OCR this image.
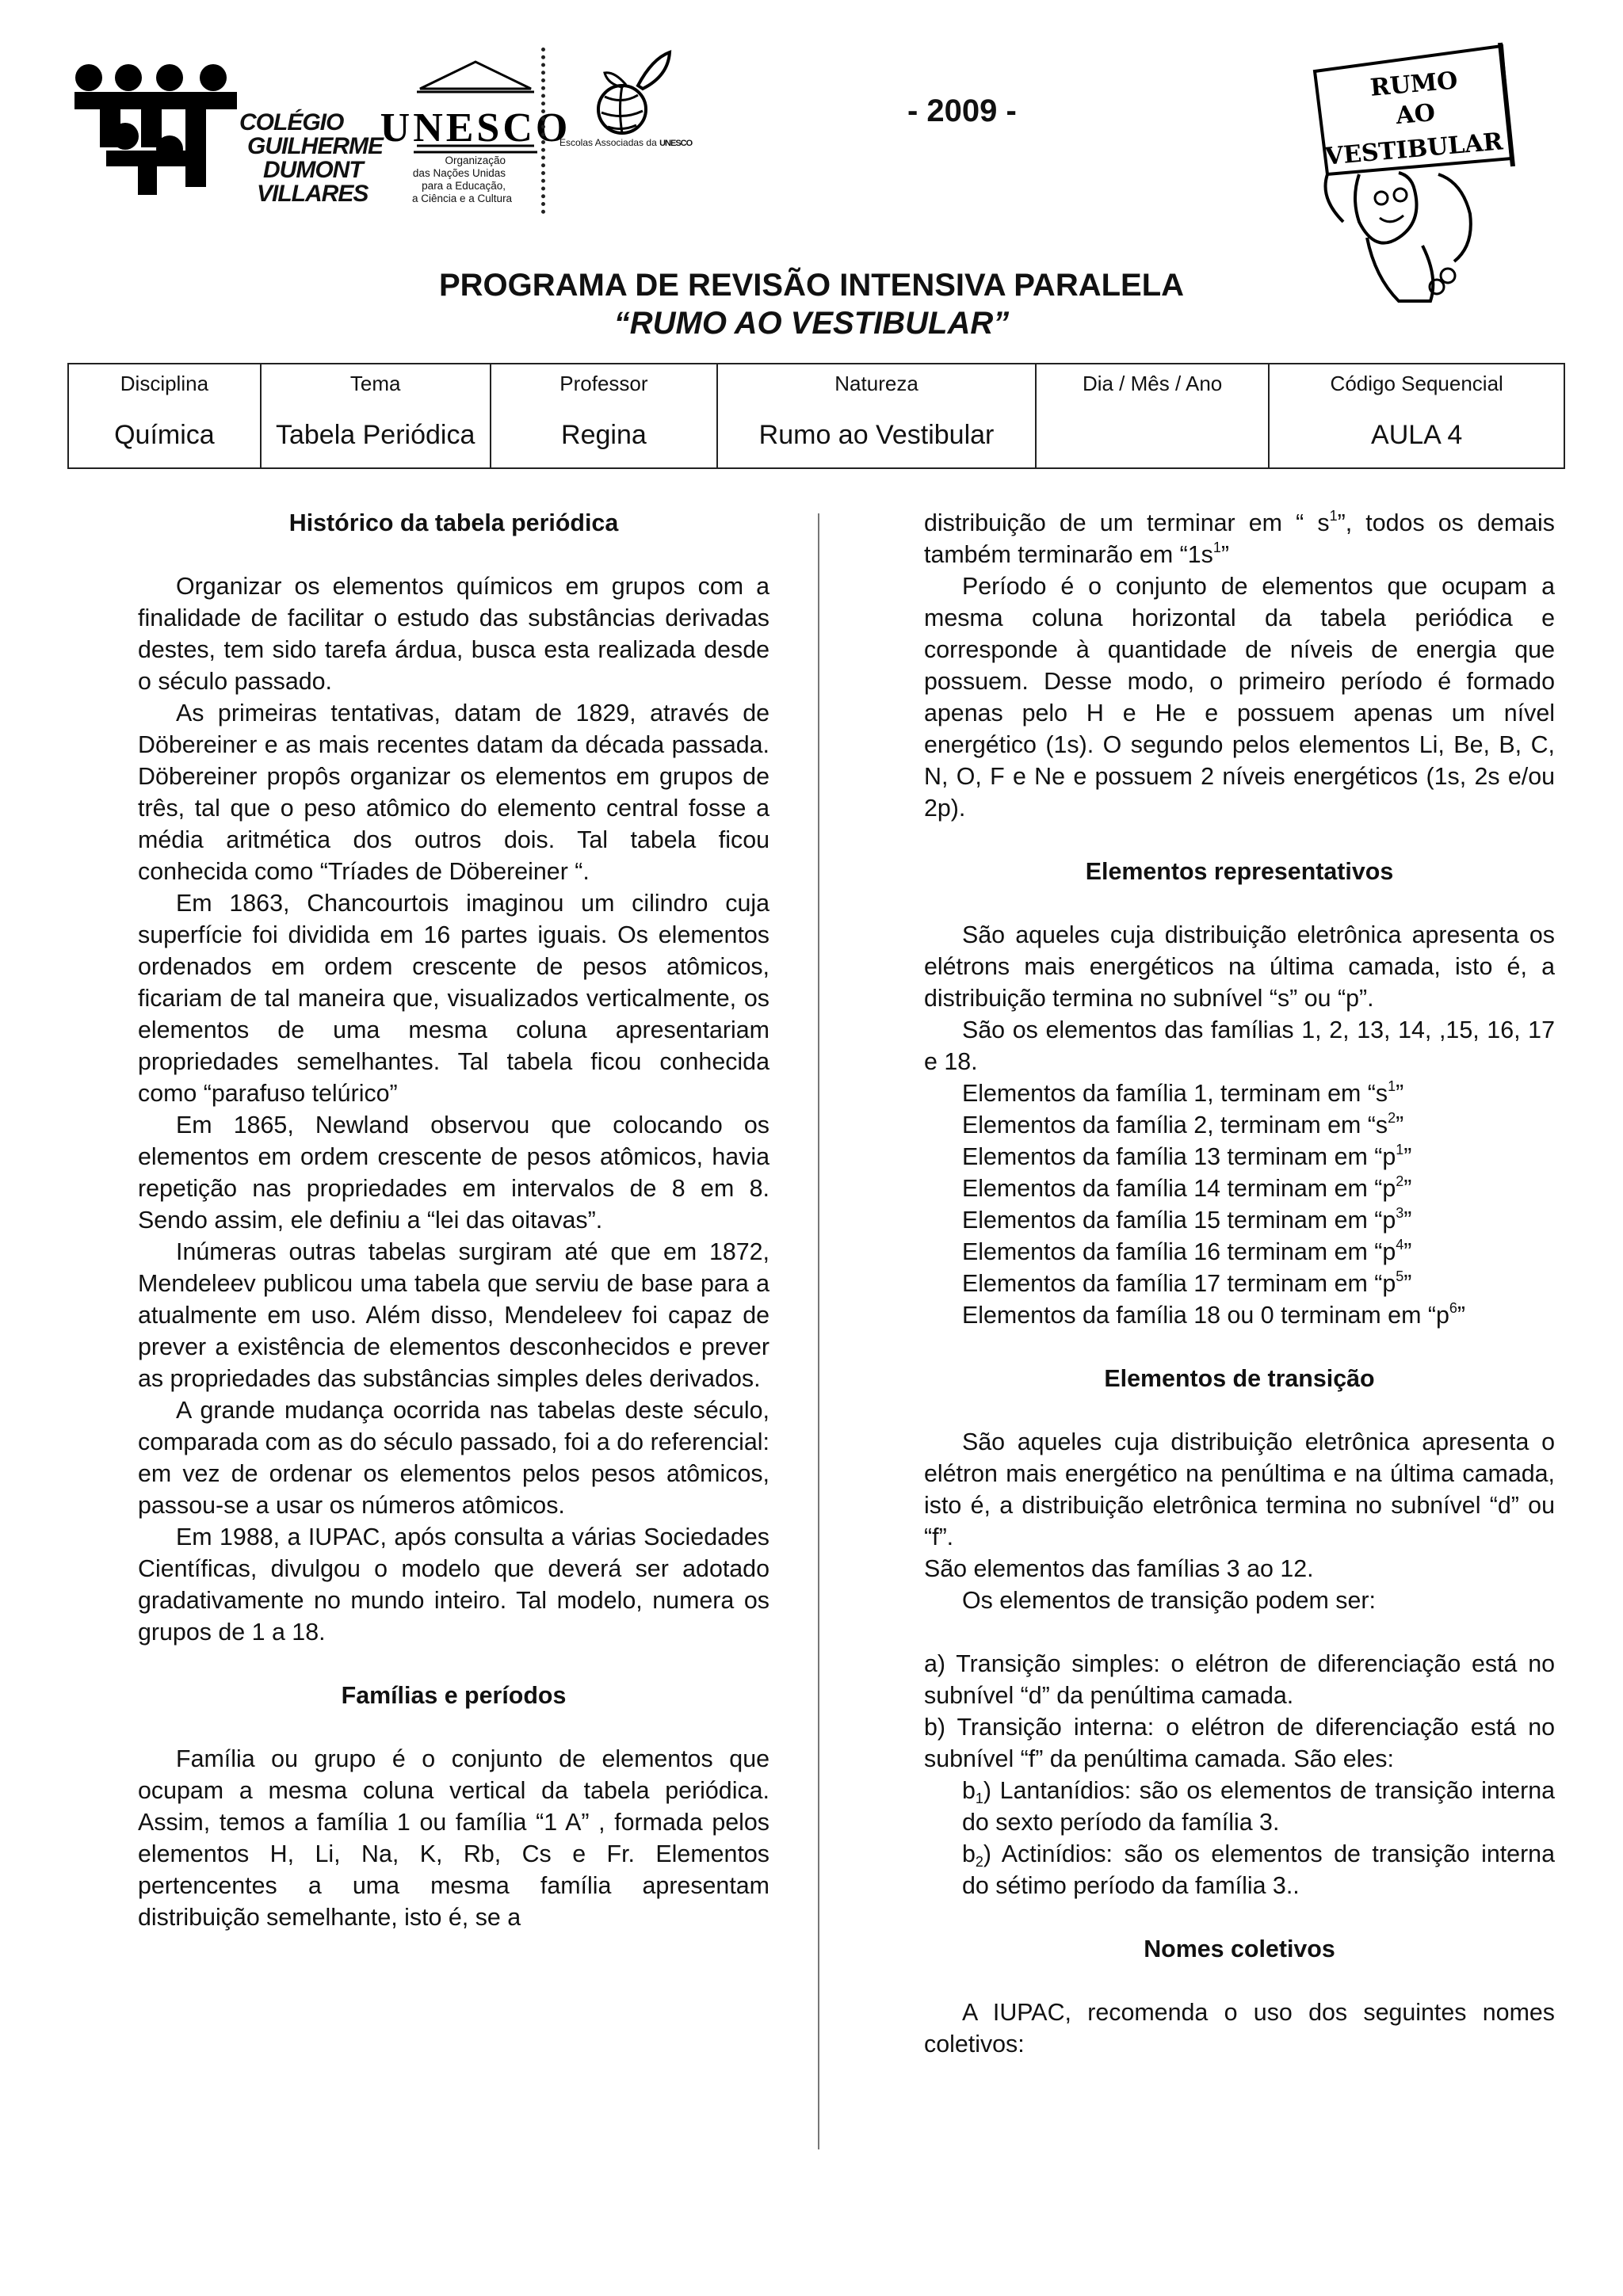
COLÉGIO
GUILHERME
DUMONT
VILLARES
UNESCO
Organização
das Nações Unidas
para a Educação,
a Ciência e a Cultura
Escolas Associadas da UNESCO
- 2009 -
RUMO
AO
VESTIBULAR
PROGRAMA DE REVISÃO INTENSIVA PARALELA
“RUMO AO VESTIBULAR”
Disciplina	Tema	Professor	Natureza	Dia / Mês / Ano	Código Sequencial
Química	Tabela Periódica	Regina	Rumo ao Vestibular		AULA 4
Histórico da tabela periódica

Organizar os elementos químicos em grupos com a finalidade de facilitar o estudo das substâncias derivadas destes, tem sido tarefa árdua, busca esta realizada desde o século passado.

As primeiras tentativas, datam de 1829, através de Döbereiner e as mais recentes datam da década passada. Döbereiner propôs organizar os elementos em grupos de três, tal que o peso atômico do elemento central fosse a média aritmética dos outros dois. Tal tabela ficou conhecida como “Tríades de Döbereiner “.

Em 1863, Chancourtois imaginou um cilindro cuja superfície foi dividida em 16 partes iguais. Os elementos ordenados em ordem crescente de pesos atômicos, ficariam de tal maneira que, visualizados verticalmente, os elementos de uma mesma coluna apresentariam propriedades semelhantes. Tal tabela ficou conhecida como “parafuso telúrico”

Em 1865, Newland observou que colocando os elementos em ordem crescente de pesos atômicos, havia repetição nas propriedades em intervalos de 8 em 8. Sendo assim, ele definiu a “lei das oitavas”.

Inúmeras outras tabelas surgiram até que em 1872, Mendeleev publicou uma tabela que serviu de base para a atualmente em uso. Além disso, Mendeleev foi capaz de prever a existência de elementos desconhecidos e prever as propriedades das substâncias simples deles derivados.

A grande mudança ocorrida nas tabelas deste século, comparada com as do século passado, foi a do referencial: em vez de ordenar os elementos pelos pesos atômicos, passou-se a usar os números atômicos.

Em 1988, a IUPAC, após consulta a várias Sociedades Científicas, divulgou o modelo que deverá ser adotado gradativamente no mundo inteiro. Tal modelo, numera os grupos de 1 a 18.

Famílias e períodos

Família ou grupo é o conjunto de elementos que ocupam a mesma coluna vertical da tabela periódica. Assim, temos a família 1 ou família “1 A” , formada pelos elementos H, Li, Na, K, Rb, Cs e Fr. Elementos pertencentes a uma mesma família apresentam distribuição semelhante, isto é, se a

distribuição de um terminar em “ $s^1$”, todos os demais também terminarão em “$1s^1$”

Período é o conjunto de elementos que ocupam a mesma coluna horizontal da tabela periódica e corresponde à quantidade de níveis de energia que possuem. Desse modo, o primeiro período é formado apenas pelo H e He e possuem apenas um nível energético (1s). O segundo pelos elementos Li, Be, B, C, N, O, F e Ne e possuem 2 níveis energéticos (1s, 2s e/ou 2p).

Elementos representativos

São aqueles cuja distribuição eletrônica apresenta os elétrons mais energéticos na última camada, isto é, a distribuição termina no subnível “s” ou “p”.

São os elementos das famílias 1, 2, 13, 14, ,15, 16, 17 e 18.

Elementos da família 1, terminam em “$s^1$”

Elementos da família 2, terminam em “$s^2$”

Elementos da família 13 terminam em “$p^1$”

Elementos da família 14 terminam em “$p^2$”

Elementos da família 15 terminam em “$p^3$”

Elementos da família 16 terminam em “$p^4$”

Elementos da família 17 terminam em “$p^5$”

Elementos da família 18 ou 0 terminam em “$p^6$”

Elementos de transição

São aqueles cuja distribuição eletrônica apresenta o elétron mais energético na penúltima e na última camada, isto é, a distribuição eletrônica termina no subnível “d” ou “f”.

São elementos das famílias 3 ao 12.

Os elementos de transição podem ser:

a) Transição simples: o elétron de diferenciação está no subnível “d” da penúltima camada.

b) Transição interna: o elétron de diferenciação está no subnível “f” da penúltima camada. São eles:

$b_1$) Lantanídios: são os elementos de transição interna do sexto período da família 3.

$b_2$) Actinídios: são os elementos de transição interna do sétimo período da família 3..

Nomes coletivos

A IUPAC, recomenda o uso dos seguintes nomes coletivos:
